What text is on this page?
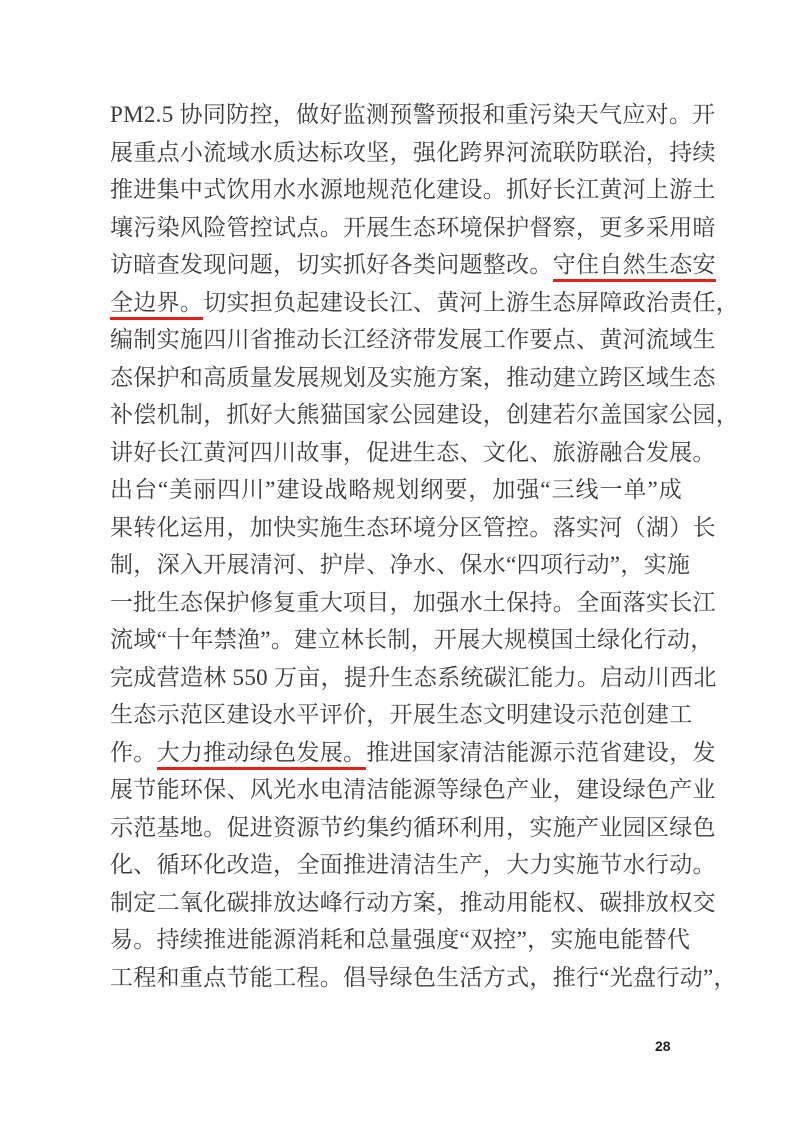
PM2.5 协同防控，做好监测预警预报和重污染天气应对。开
展重点小流域水质达标攻坚，强化跨界河流联防联治，持续
推进集中式饮用水水源地规范化建设。抓好长江黄河上游土
壤污染风险管控试点。开展生态环境保护督察，更多采用暗
访暗查发现问题，切实抓好各类问题整改。守住自然生态安
全边界。切实担负起建设长江、黄河上游生态屏障政治责任，
编制实施四川省推动长江经济带发展工作要点、黄河流域生
态保护和高质量发展规划及实施方案，推动建立跨区域生态
补偿机制，抓好大熊猫国家公园建设，创建若尔盖国家公园，
讲好长江黄河四川故事，促进生态、文化、旅游融合发展。
出台“美丽四川”建设战略规划纲要，加强“三线一单”成
果转化运用，加快实施生态环境分区管控。落实河（湖）长
制，深入开展清河、护岸、净水、保水“四项行动”，实施
一批生态保护修复重大项目，加强水土保持。全面落实长江
流域“十年禁渔”。建立林长制，开展大规模国土绿化行动，
完成营造林 550 万亩，提升生态系统碳汇能力。启动川西北
生态示范区建设水平评价，开展生态文明建设示范创建工
作。大力推动绿色发展。推进国家清洁能源示范省建设，发
展节能环保、风光水电清洁能源等绿色产业，建设绿色产业
示范基地。促进资源节约集约循环利用，实施产业园区绿色
化、循环化改造，全面推进清洁生产，大力实施节水行动。
制定二氧化碳排放达峰行动方案，推动用能权、碳排放权交
易。持续推进能源消耗和总量强度“双控”，实施电能替代
工程和重点节能工程。倡导绿色生活方式，推行“光盘行动”，
28
